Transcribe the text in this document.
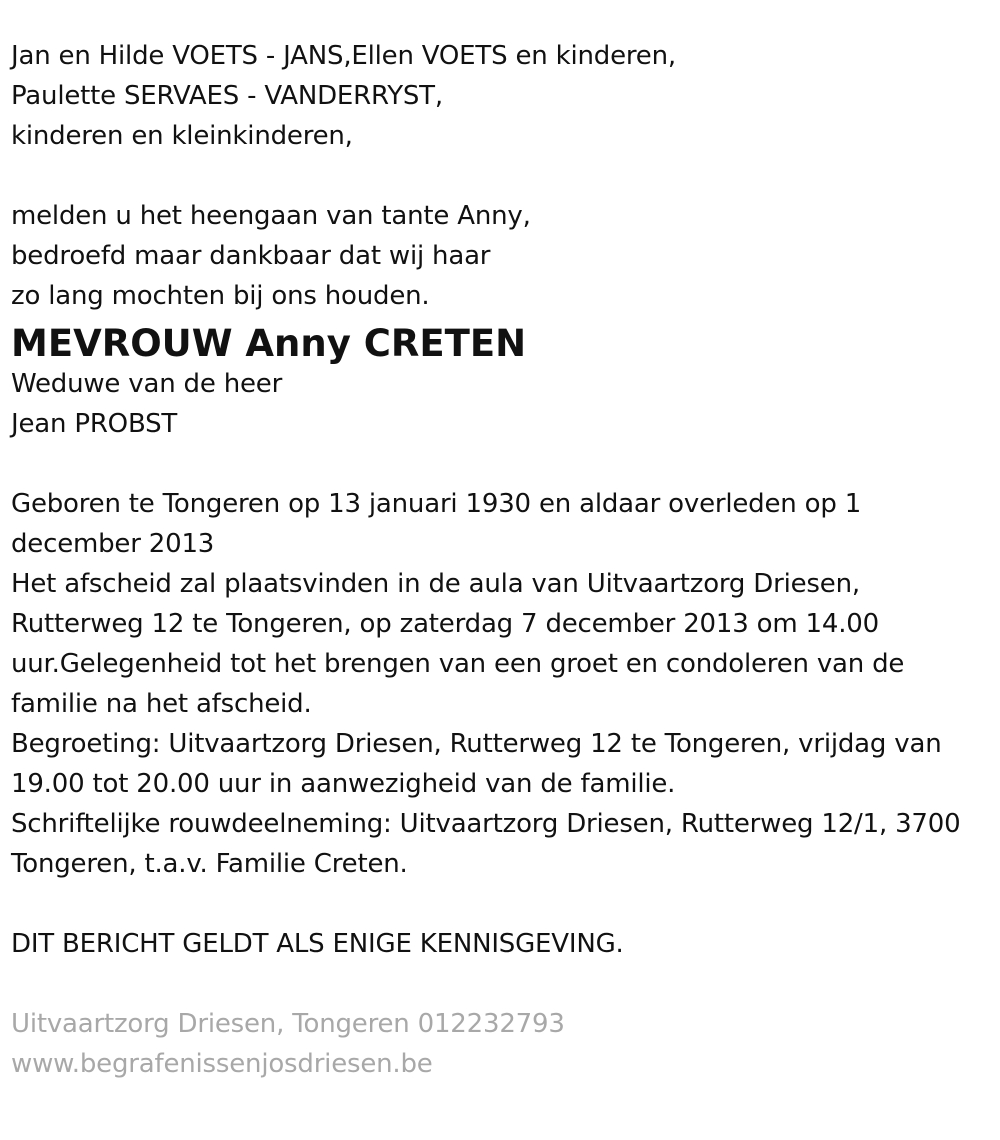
Jan en Hilde VOETS - JANS,Ellen VOETS en kinderen,
Paulette SERVAES - VANDERRYST,
kinderen en kleinkinderen,
melden u het heengaan van tante Anny,
bedroefd maar dankbaar dat wij haar
zo lang mochten bij ons houden.
MEVROUW Anny CRETEN
Weduwe van de heer
Jean PROBST
Geboren te Tongeren op 13 januari 1930 en aldaar overleden op 1 december 2013
Het afscheid zal plaatsvinden in de aula van Uitvaartzorg Driesen, Rutterweg 12 te Tongeren, op zaterdag 7 december 2013 om 14.00 uur.Gelegenheid tot het brengen van een groet en condoleren van de familie na het afscheid.
Begroeting: Uitvaartzorg Driesen, Rutterweg 12 te Tongeren, vrijdag van 19.00 tot 20.00 uur in aanwezigheid van de familie.
Schriftelijke rouwdeelneming: Uitvaartzorg Driesen, Rutterweg 12/1, 3700 Tongeren, t.a.v. Familie Creten.
DIT BERICHT GELDT ALS ENIGE KENNISGEVING.
Uitvaartzorg Driesen, Tongeren 012232793
www.begrafenissenjosdriesen.be
